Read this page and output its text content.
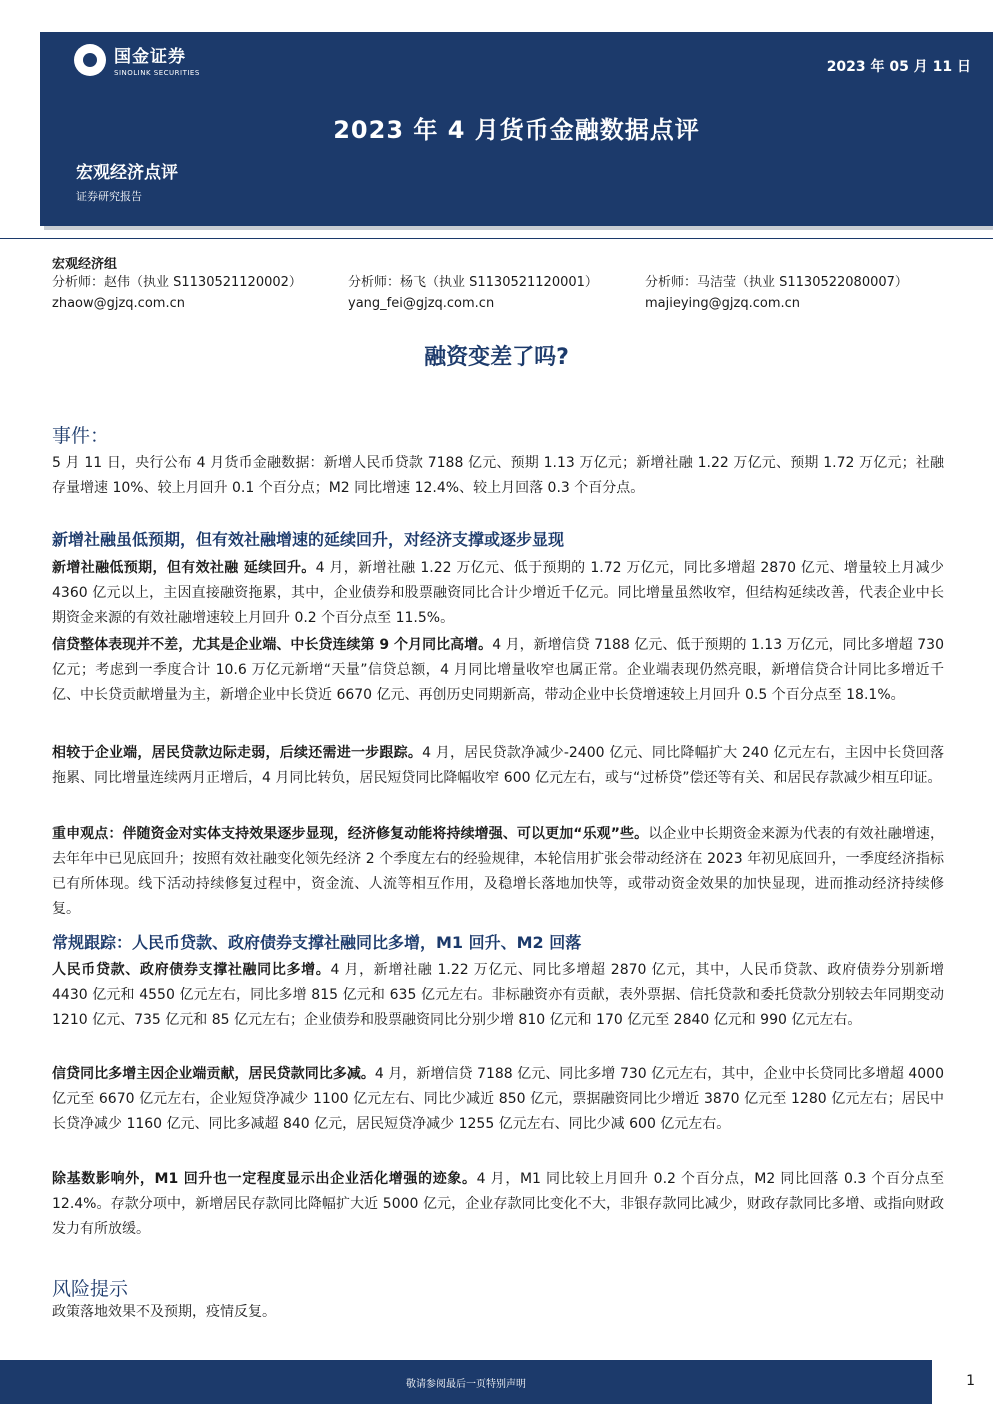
国金证券
SINOLINK SECURITIES	2023 年 05 月 11 日
2023 年 4 月货币金融数据点评
宏观经济点评
证券研究报告
宏观经济组
分析师：赵伟（执业 S1130521120002）
zhaow@gjzq.com.cn
分析师：杨飞（执业 S1130521120001）
yang_fei@gjzq.com.cn
分析师：马洁莹（执业 S1130522080007）
majieying@gjzq.com.cn
融资变差了吗?
事件：
5 月 11 日，央行公布 4 月货币金融数据：新增人民币贷款 7188 亿元、预期 1.13 万亿元；新增社融 1.22 万亿元、预期 1.72 万亿元；社融存量增速 10%、较上月回升 0.1 个百分点；M2 同比增速 12.4%、较上月回落 0.3 个百分点。
新增社融虽低预期，但有效社融增速的延续回升，对经济支撑或逐步显现
新增社融低预期，但有效社融 延续回升。4 月，新增社融 1.22 万亿元、低于预期的 1.72 万亿元，同比多增超 2870 亿元、增量较上月减少 4360 亿元以上，主因直接融资拖累，其中，企业债券和股票融资同比合计少增近千亿元。同比增量虽然收窄，但结构延续改善，代表企业中长期资金来源的有效社融增速较上月回升 0.2 个百分点至 11.5%。
信贷整体表现并不差，尤其是企业端、中长贷连续第 9 个月同比高增。4 月，新增信贷 7188 亿元、低于预期的 1.13 万亿元，同比多增超 730 亿元；考虑到一季度合计 10.6 万亿元新增“天量”信贷总额，4 月同比增量收窄也属正常。企业端表现仍然亮眼，新增信贷合计同比多增近千亿、中长贷贡献增量为主，新增企业中长贷近 6670 亿元、再创历史同期新高，带动企业中长贷增速较上月回升 0.5 个百分点至 18.1%。
相较于企业端，居民贷款边际走弱，后续还需进一步跟踪。4 月，居民贷款净减少-2400 亿元、同比降幅扩大 240 亿元左右，主因中长贷回落拖累、同比增量连续两月正增后，4 月同比转负，居民短贷同比降幅收窄 600 亿元左右，或与“过桥贷”偿还等有关、和居民存款减少相互印证。
重申观点：伴随资金对实体支持效果逐步显现，经济修复动能将持续增强、可以更加“乐观”些。以企业中长期资金来源为代表的有效社融增速，去年年中已见底回升；按照有效社融变化领先经济 2 个季度左右的经验规律，本轮信用扩张会带动经济在 2023 年初见底回升，一季度经济指标已有所体现。线下活动持续修复过程中，资金流、人流等相互作用，及稳增长落地加快等，或带动资金效果的加快显现，进而推动经济持续修复。
常规跟踪：人民币贷款、政府债券支撑社融同比多增，M1 回升、M2 回落
人民币贷款、政府债券支撑社融同比多增。4 月，新增社融 1.22 万亿元、同比多增超 2870 亿元，其中，人民币贷款、政府债券分别新增 4430 亿元和 4550 亿元左右，同比多增 815 亿元和 635 亿元左右。非标融资亦有贡献，表外票据、信托贷款和委托贷款分别较去年同期变动 1210 亿元、735 亿元和 85 亿元左右；企业债券和股票融资同比分别少增 810 亿元和 170 亿元至 2840 亿元和 990 亿元左右。
信贷同比多增主因企业端贡献，居民贷款同比多减。4 月，新增信贷 7188 亿元、同比多增 730 亿元左右，其中，企业中长贷同比多增超 4000 亿元至 6670 亿元左右，企业短贷净减少 1100 亿元左右、同比少减近 850 亿元，票据融资同比少增近 3870 亿元至 1280 亿元左右；居民中长贷净减少 1160 亿元、同比多减超 840 亿元，居民短贷净减少 1255 亿元左右、同比少减 600 亿元左右。
除基数影响外，M1 回升也一定程度显示出企业活化增强的迹象。4 月，M1 同比较上月回升 0.2 个百分点，M2 同比回落 0.3 个百分点至 12.4%。存款分项中，新增居民存款同比降幅扩大近 5000 亿元，企业存款同比变化不大，非银存款同比减少，财政存款同比多增、或指向财政发力有所放缓。
风险提示
政策落地效果不及预期，疫情反复。
敬请参阅最后一页特别声明	1
